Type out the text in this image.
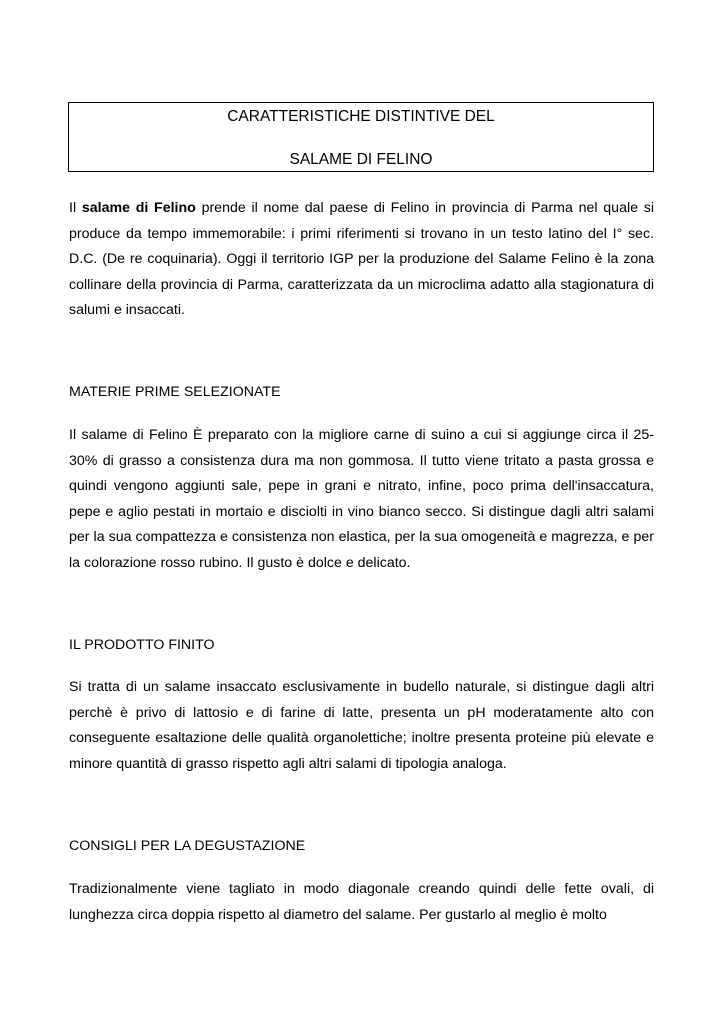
CARATTERISTICHE DISTINTIVE DEL
SALAME DI FELINO

Il salame di Felino prende il nome dal paese di Felino in provincia di Parma nel quale si produce da tempo immemorabile: i primi riferimenti si trovano in un testo latino del I° sec. D.C. (De re coquinaria). Oggi il territorio IGP per la produzione del Salame Felino è la zona collinare della provincia di Parma, caratterizzata da un microclima adatto alla stagionatura di salumi e insaccati.

MATERIE PRIME SELEZIONATE

Il salame di Felino È preparato con la migliore carne di suino a cui si aggiunge circa il 25-30% di grasso a consistenza dura ma non gommosa. Il tutto viene tritato a pasta grossa e quindi vengono aggiunti sale, pepe in grani e nitrato, infine, poco prima dell'insaccatura, pepe e aglio pestati in mortaio e disciolti in vino bianco secco. Si distingue dagli altri salami per la sua compattezza e consistenza non elastica, per la sua omogeneità e magrezza, e per la colorazione rosso rubino. Il gusto è dolce e delicato.

IL PRODOTTO FINITO

Si tratta di un salame insaccato esclusivamente in budello naturale, si distingue dagli altri perchè è privo di lattosio e di farine di latte, presenta un pH moderatamente alto con conseguente esaltazione delle qualità organolettiche; inoltre presenta proteine più elevate e minore quantità di grasso rispetto agli altri salami di tipologia analoga.

CONSIGLI PER LA DEGUSTAZIONE

Tradizionalmente viene tagliato in modo diagonale creando quindi delle fette ovali, di lunghezza circa doppia rispetto al diametro del salame. Per gustarlo al meglio è molto
